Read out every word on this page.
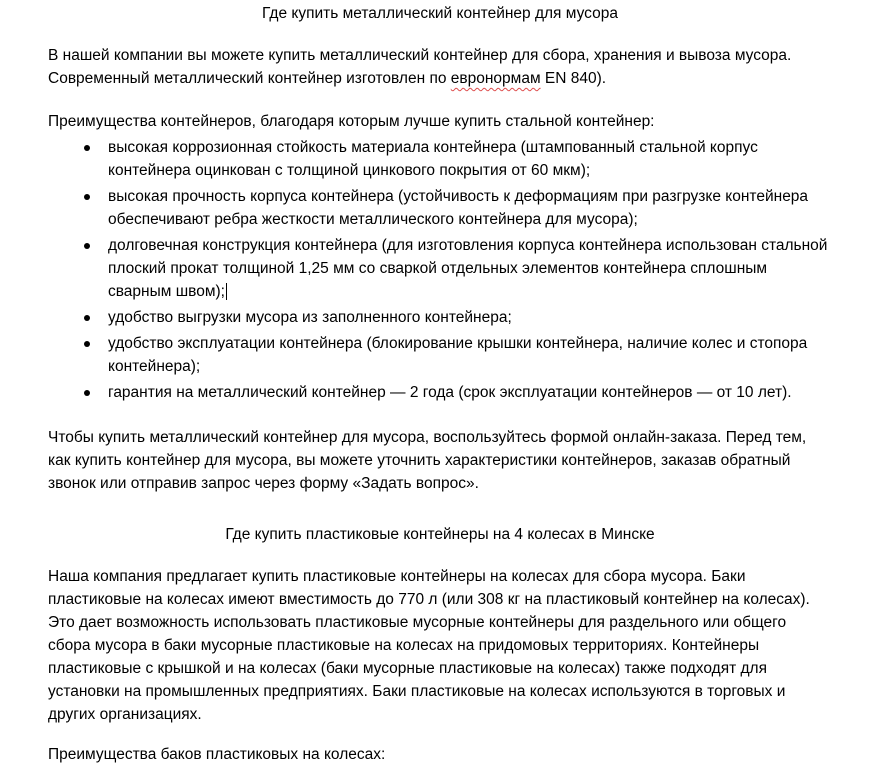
Где купить металлический контейнер для мусора

В нашей компании вы можете купить металлический контейнер для сбора, хранения и вывоза мусора. Современный металлический контейнер изготовлен по евронормам EN 840).

Преимущества контейнеров, благодаря которым лучше купить стальной контейнер:

высокая коррозионная стойкость материала контейнера (штампованный стальной корпус контейнера оцинкован с толщиной цинкового покрытия от 60 мкм);
высокая прочность корпуса контейнера (устойчивость к деформациям при разгрузке контейнера обеспечивают ребра жесткости металлического контейнера для мусора);
долговечная конструкция контейнера (для изготовления корпуса контейнера использован стальной плоский прокат толщиной 1,25 мм со сваркой отдельных элементов контейнера сплошным сварным швом);
удобство выгрузки мусора из заполненного контейнера;
удобство эксплуатации контейнера (блокирование крышки контейнера, наличие колес и стопора контейнера);
гарантия на металлический контейнер — 2 года (срок эксплуатации контейнеров — от 10 лет).

Чтобы купить металлический контейнер для мусора, воспользуйтесь формой онлайн-заказа. Перед тем, как купить контейнер для мусора, вы можете уточнить характеристики контейнеров, заказав обратный звонок или отправив запрос через форму «Задать вопрос».

Где купить пластиковые контейнеры на 4 колесах в Минске

Наша компания предлагает купить пластиковые контейнеры на колесах для сбора мусора. Баки пластиковые на колесах имеют вместимость до 770 л (или 308 кг на пластиковый контейнер на колесах). Это дает возможность использовать пластиковые мусорные контейнеры для раздельного или общего сбора мусора в баки мусорные пластиковые на колесах на придомовых территориях. Контейнеры пластиковые с крышкой и на колесах (баки мусорные пластиковые на колесах) также подходят для установки на промышленных предприятиях. Баки пластиковые на колесах используются в торговых и других организациях.

Преимущества баков пластиковых на колесах:
